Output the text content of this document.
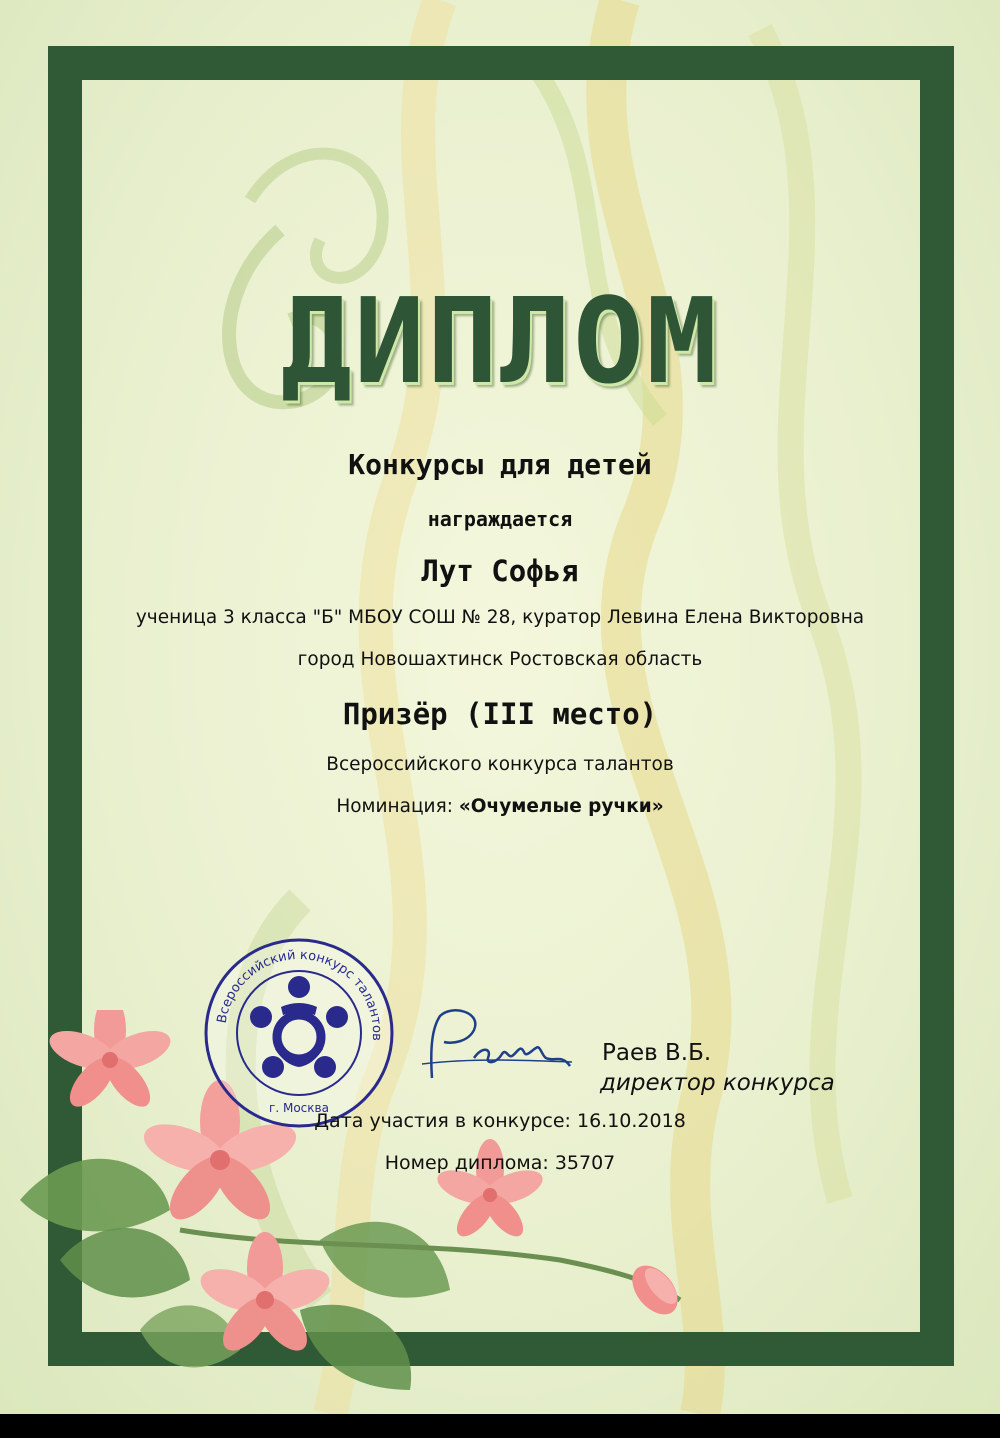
ДИПЛОМ
Конкурсы для детей
награждается
Лут Софья
ученица 3 класса "Б" МБОУ СОШ № 28, куратор Левина Елена Викторовна
город Новошахтинск Ростовская область
Призёр (III место)
Всероссийского конкурса талантов
Номинация: «Очумелые ручки»
Всероссийский конкурс талантов
г. Москва
Раев В.Б.
директор конкурса
Дата участия в конкурсе: 16.10.2018
Номер диплома: 35707
